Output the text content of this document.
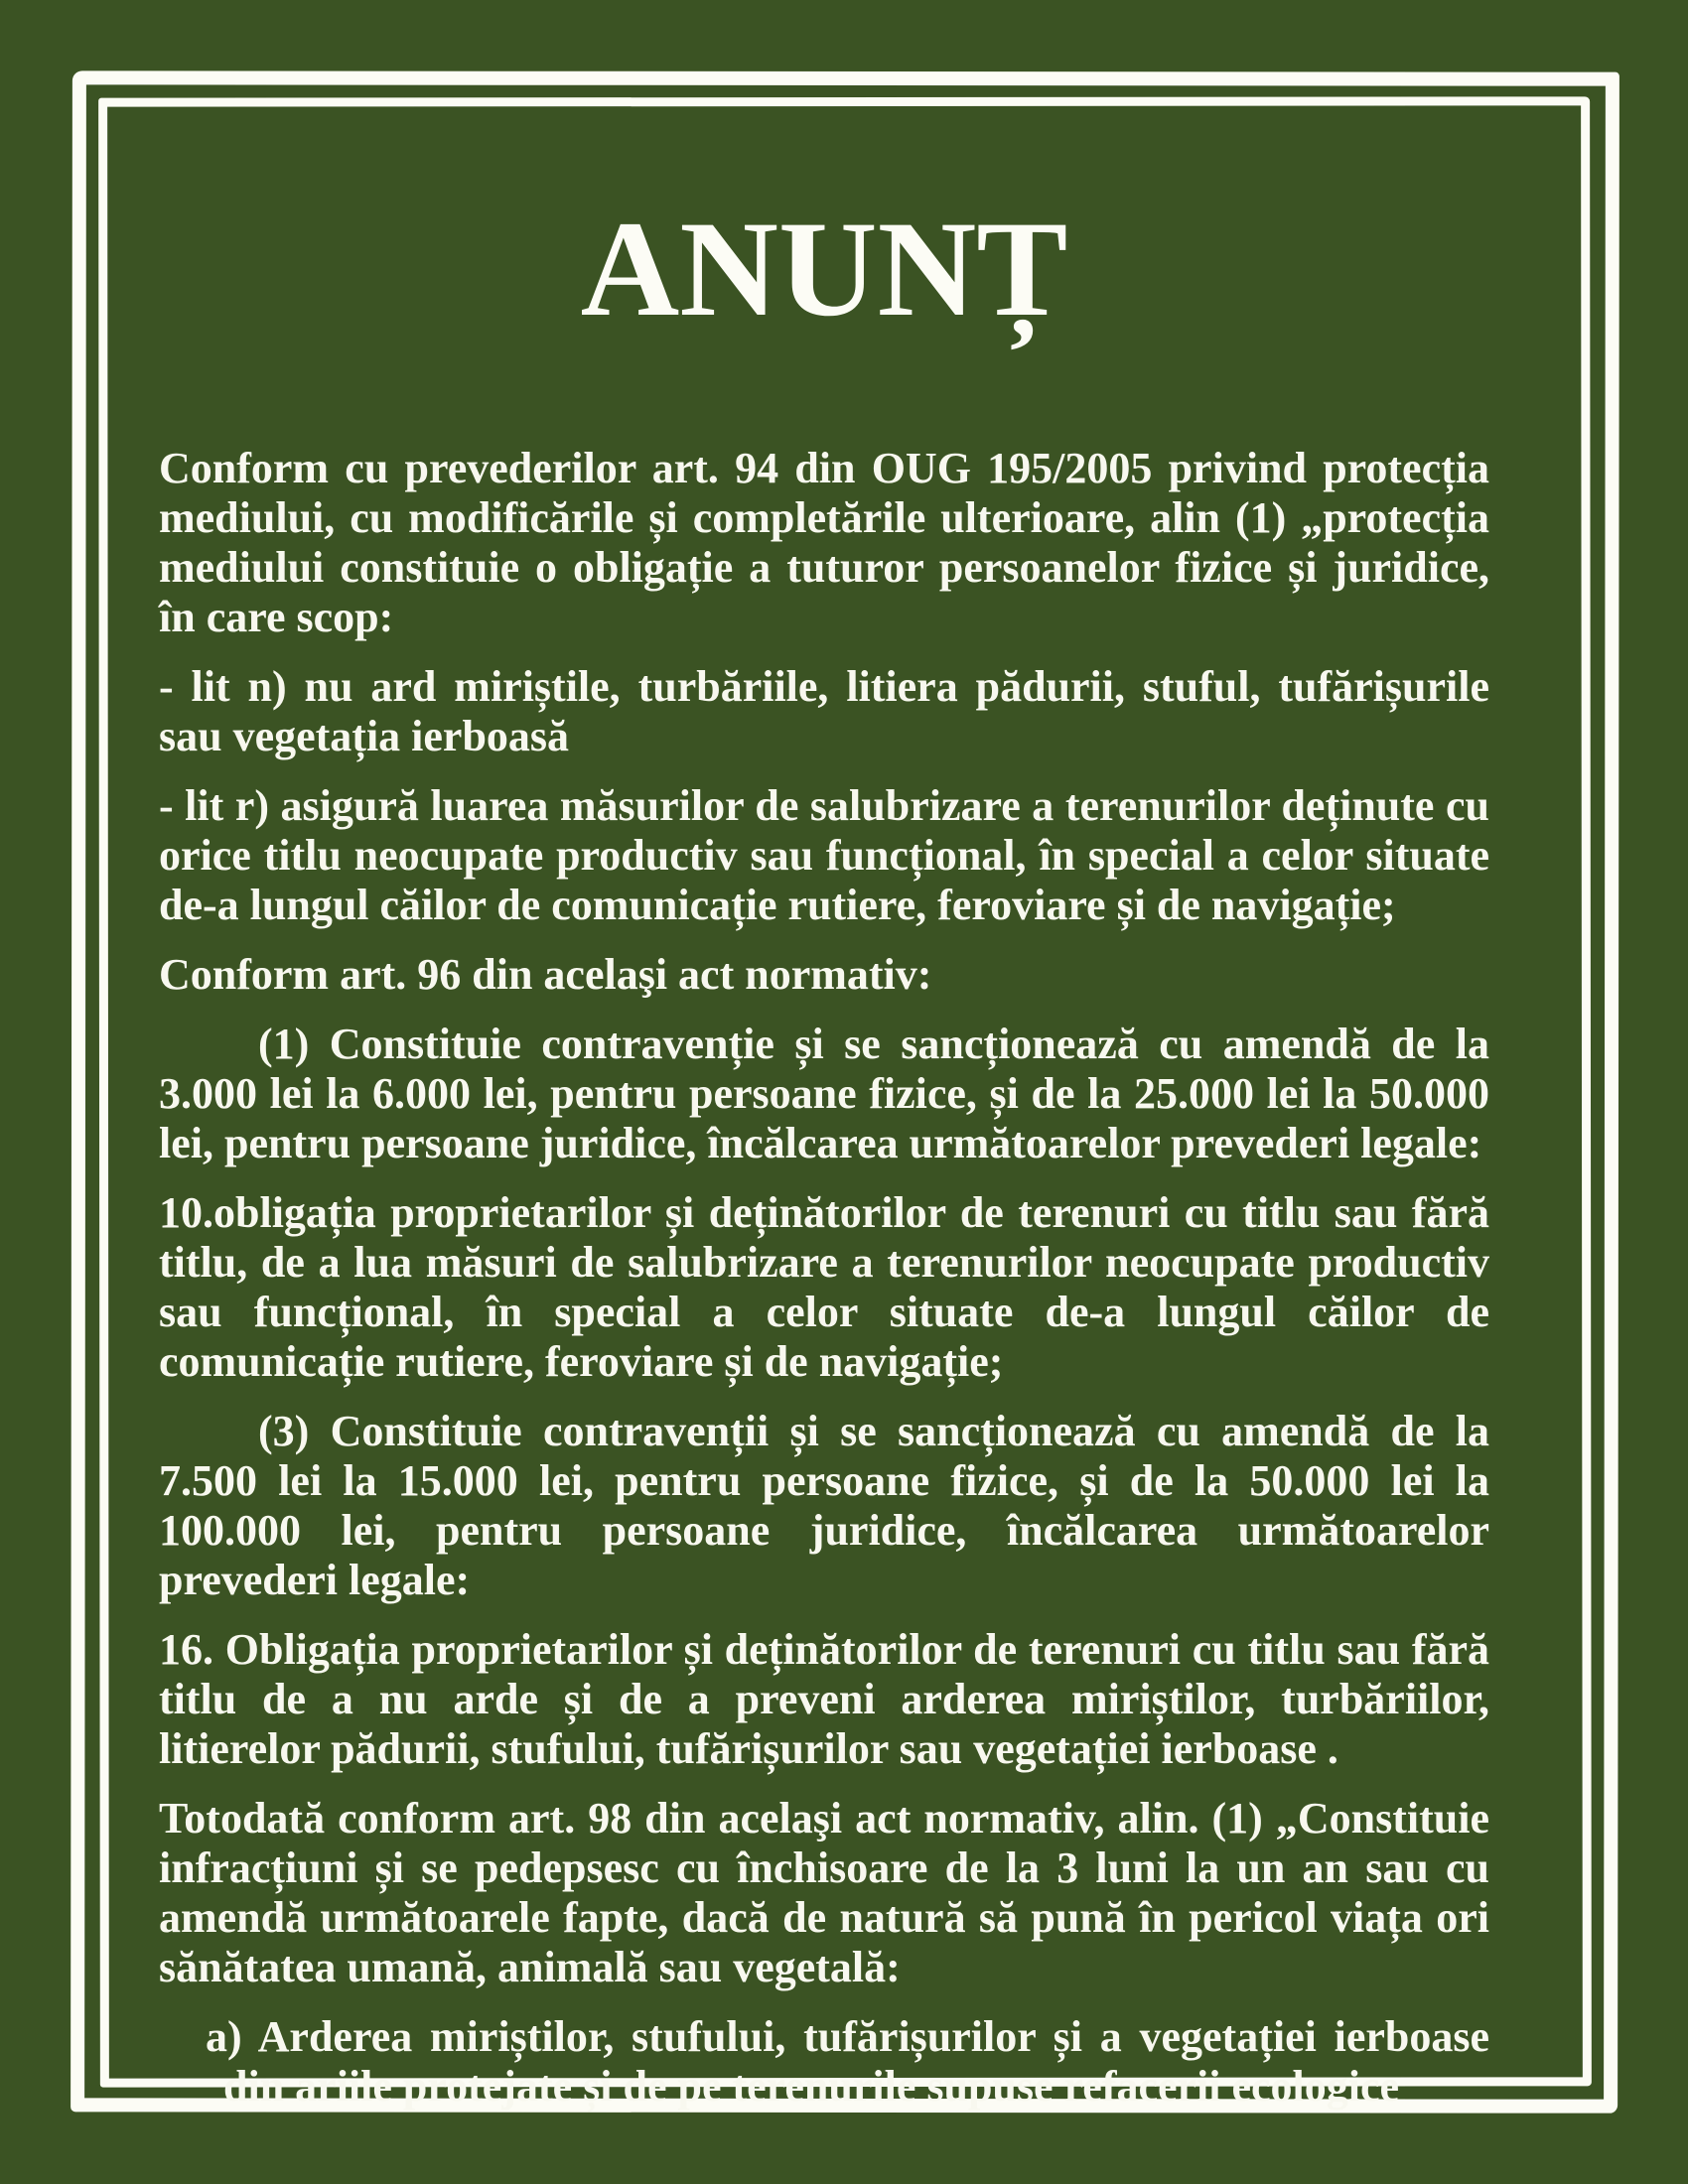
ANUNȚ

Conform cu prevederilor art. 94 din OUG 195/2005 privind protecția mediului, cu modificările și completările ulterioare, alin (1) „protecția mediului constituie o obligație a tuturor persoanelor fizice și juridice, în care scop:

- lit n) nu ard miriștile, turbăriile, litiera pădurii, stuful, tufărișurile sau vegetația ierboasă

- lit r) asigură luarea măsurilor de salubrizare a terenurilor deținute cu orice titlu neocupate productiv sau funcțional, în special a celor situate de-a lungul căilor de comunicație rutiere, feroviare și de navigație;

Conform art. 96 din acelaşi act normativ:

(1) Constituie contravenție și se sancționează cu amendă de la 3.000 lei la 6.000 lei, pentru persoane fizice, și de la 25.000 lei la 50.000 lei, pentru persoane juridice, încălcarea următoarelor prevederi legale:

10.obligația proprietarilor și deținătorilor de terenuri cu titlu sau fără titlu, de a lua măsuri de salubrizare a terenurilor neocupate productiv sau funcțional, în special a celor situate de-a lungul căilor de comunicație rutiere, feroviare și de navigație;

(3) Constituie contravenții și se sancționează cu amendă de la 7.500 lei la 15.000 lei, pentru persoane fizice, și de la 50.000 lei la 100.000 lei, pentru persoane juridice, încălcarea următoarelor prevederi legale:

16. Obligația proprietarilor și deținătorilor de terenuri cu titlu sau fără titlu de a nu arde și de a preveni arderea miriștilor, turbăriilor, litierelor pădurii, stufului, tufărișurilor sau vegetației ierboase .

Totodată conform art. 98 din acelaşi act normativ, alin. (1) „Constituie infracțiuni și se pedepsesc cu închisoare de la 3 luni la un an sau cu amendă următoarele fapte, dacă de natură să pună în pericol viața ori sănătatea umană, animală sau vegetală:

a) Arderea miriștilor, stufului, tufărișurilor și a vegetației ierboase din ariile protejate și de pe terenurile supuse refacerii ecologice
